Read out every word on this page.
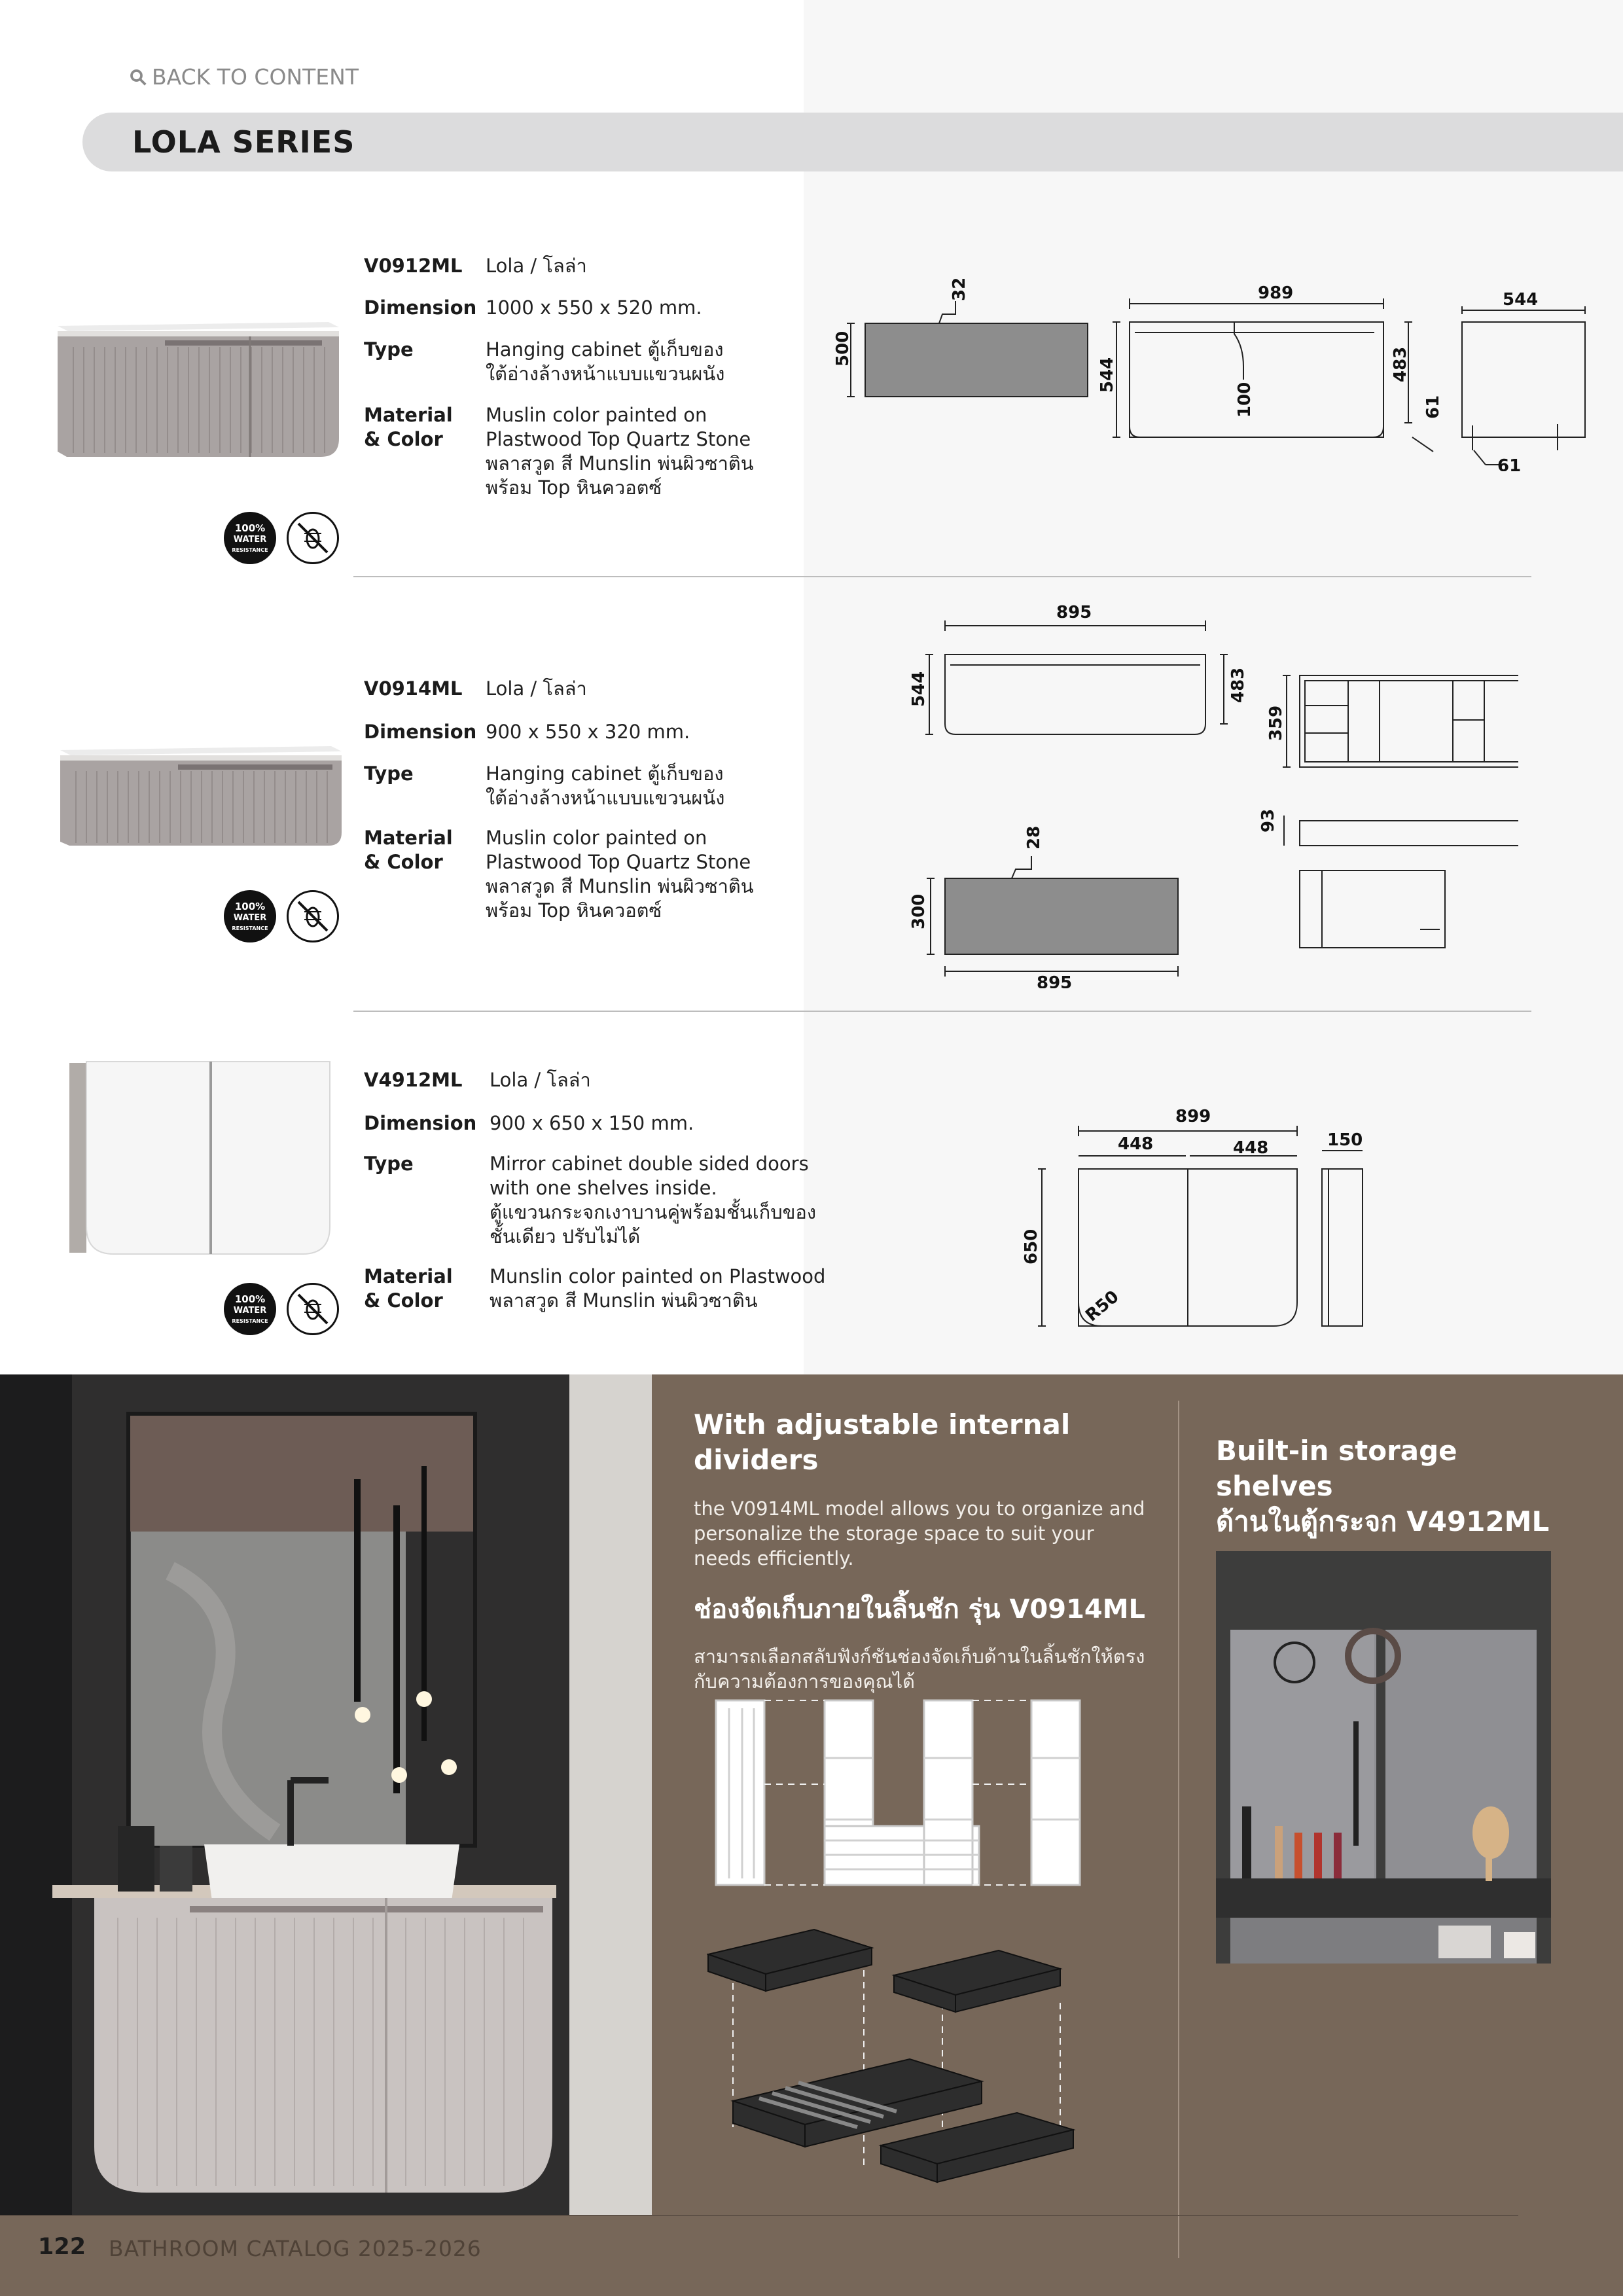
BACK TO CONTENT
LOLA SERIES
100%
WATER
RESISTANCE
V0912ML	Lola / โลล่า
Dimension 1000 x 550 x 520 mm.
Type	Hanging cabinet ตู้เก็บของ
ใต้อ่างล้างหน้าแบบแขวนผนัง
Material
& Color
Muslin color painted on
Plastwood Top Quartz Stone
พลาสวูด สี Munslin พ่นผิวซาติน
พร้อม Top หินควอตซ์
500
32	989
544
100
483
61
544
61
100%
WATER
RESISTANCE
V0914ML	Lola / โลล่า
Dimension 900 x 550 x 320 mm.
Type	Hanging cabinet ตู้เก็บของ
ใต้อ่างล้างหน้าแบบแขวนผนัง
Material
& Color
Muslin color painted on
Plastwood Top Quartz Stone
พลาสวูด สี Munslin พ่นผิวซาติน
พร้อม Top หินควอตซ์
895
544	483
359
93
28
300
895
100%
WATER
RESISTANCE
V4912ML	Lola / โลล่า
Dimension 900 x 650 x 150 mm.
Type	Mirror cabinet double sided doors
with one shelves inside.
ตู้แขวนกระจกเงาบานคู่พร้อมชั้นเก็บของ
ชั้นเดียว ปรับไม่ได้
Material
& Color
Munslin color painted on Plastwood
พลาสวูด สี Munslin พ่นผิวซาติน
899
448	448	150
650
R50
With adjustable internal dividers
the V0914ML model allows you to organize and personalize the storage space to suit your needs efficiently.
ช่องจัดเก็บภายในลิ้นชัก รุ่น V0914ML
สามารถเลือกสลับฟังก์ชันช่องจัดเก็บด้านในลิ้นชักให้ตรงกับความต้องการของคุณได้
Built-in storage shelves
ด้านในตู้กระจก V4912ML
122 BATHROOM CATALOG 2025-2026
